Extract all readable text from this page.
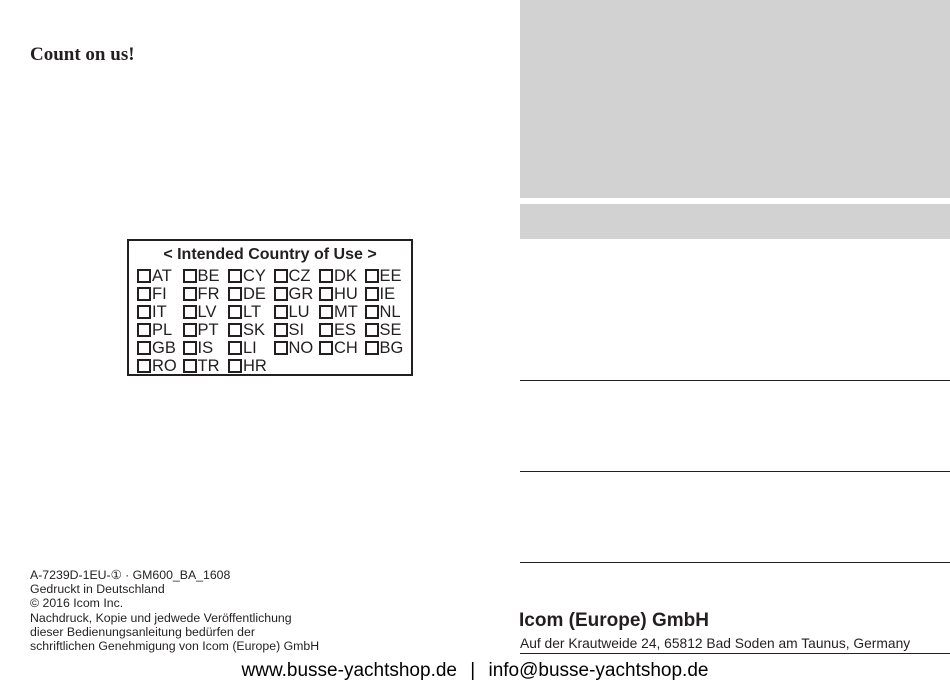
Count on us!
< Intended Country of Use >
AT BE CY CZ DK EE
FI FR DE GR HU IE
IT LV LT LU MT NL
PL PT SK SI ES SE
GB IS LI NO CH BG
RO TR HR
A-7239D-1EU-① · GM600_BA_1608
Gedruckt in Deutschland
© 2016 Icom Inc.
Nachdruck, Kopie und jedwede Veröffentlichung
dieser Bedienungsanleitung bedürfen der
schriftlichen Genehmigung von Icom (Europe) GmbH
Icom (Europe) GmbH
Auf der Krautweide 24, 65812 Bad Soden am Taunus, Germany
www.busse-yachtshop.de | info@busse-yachtshop.de
